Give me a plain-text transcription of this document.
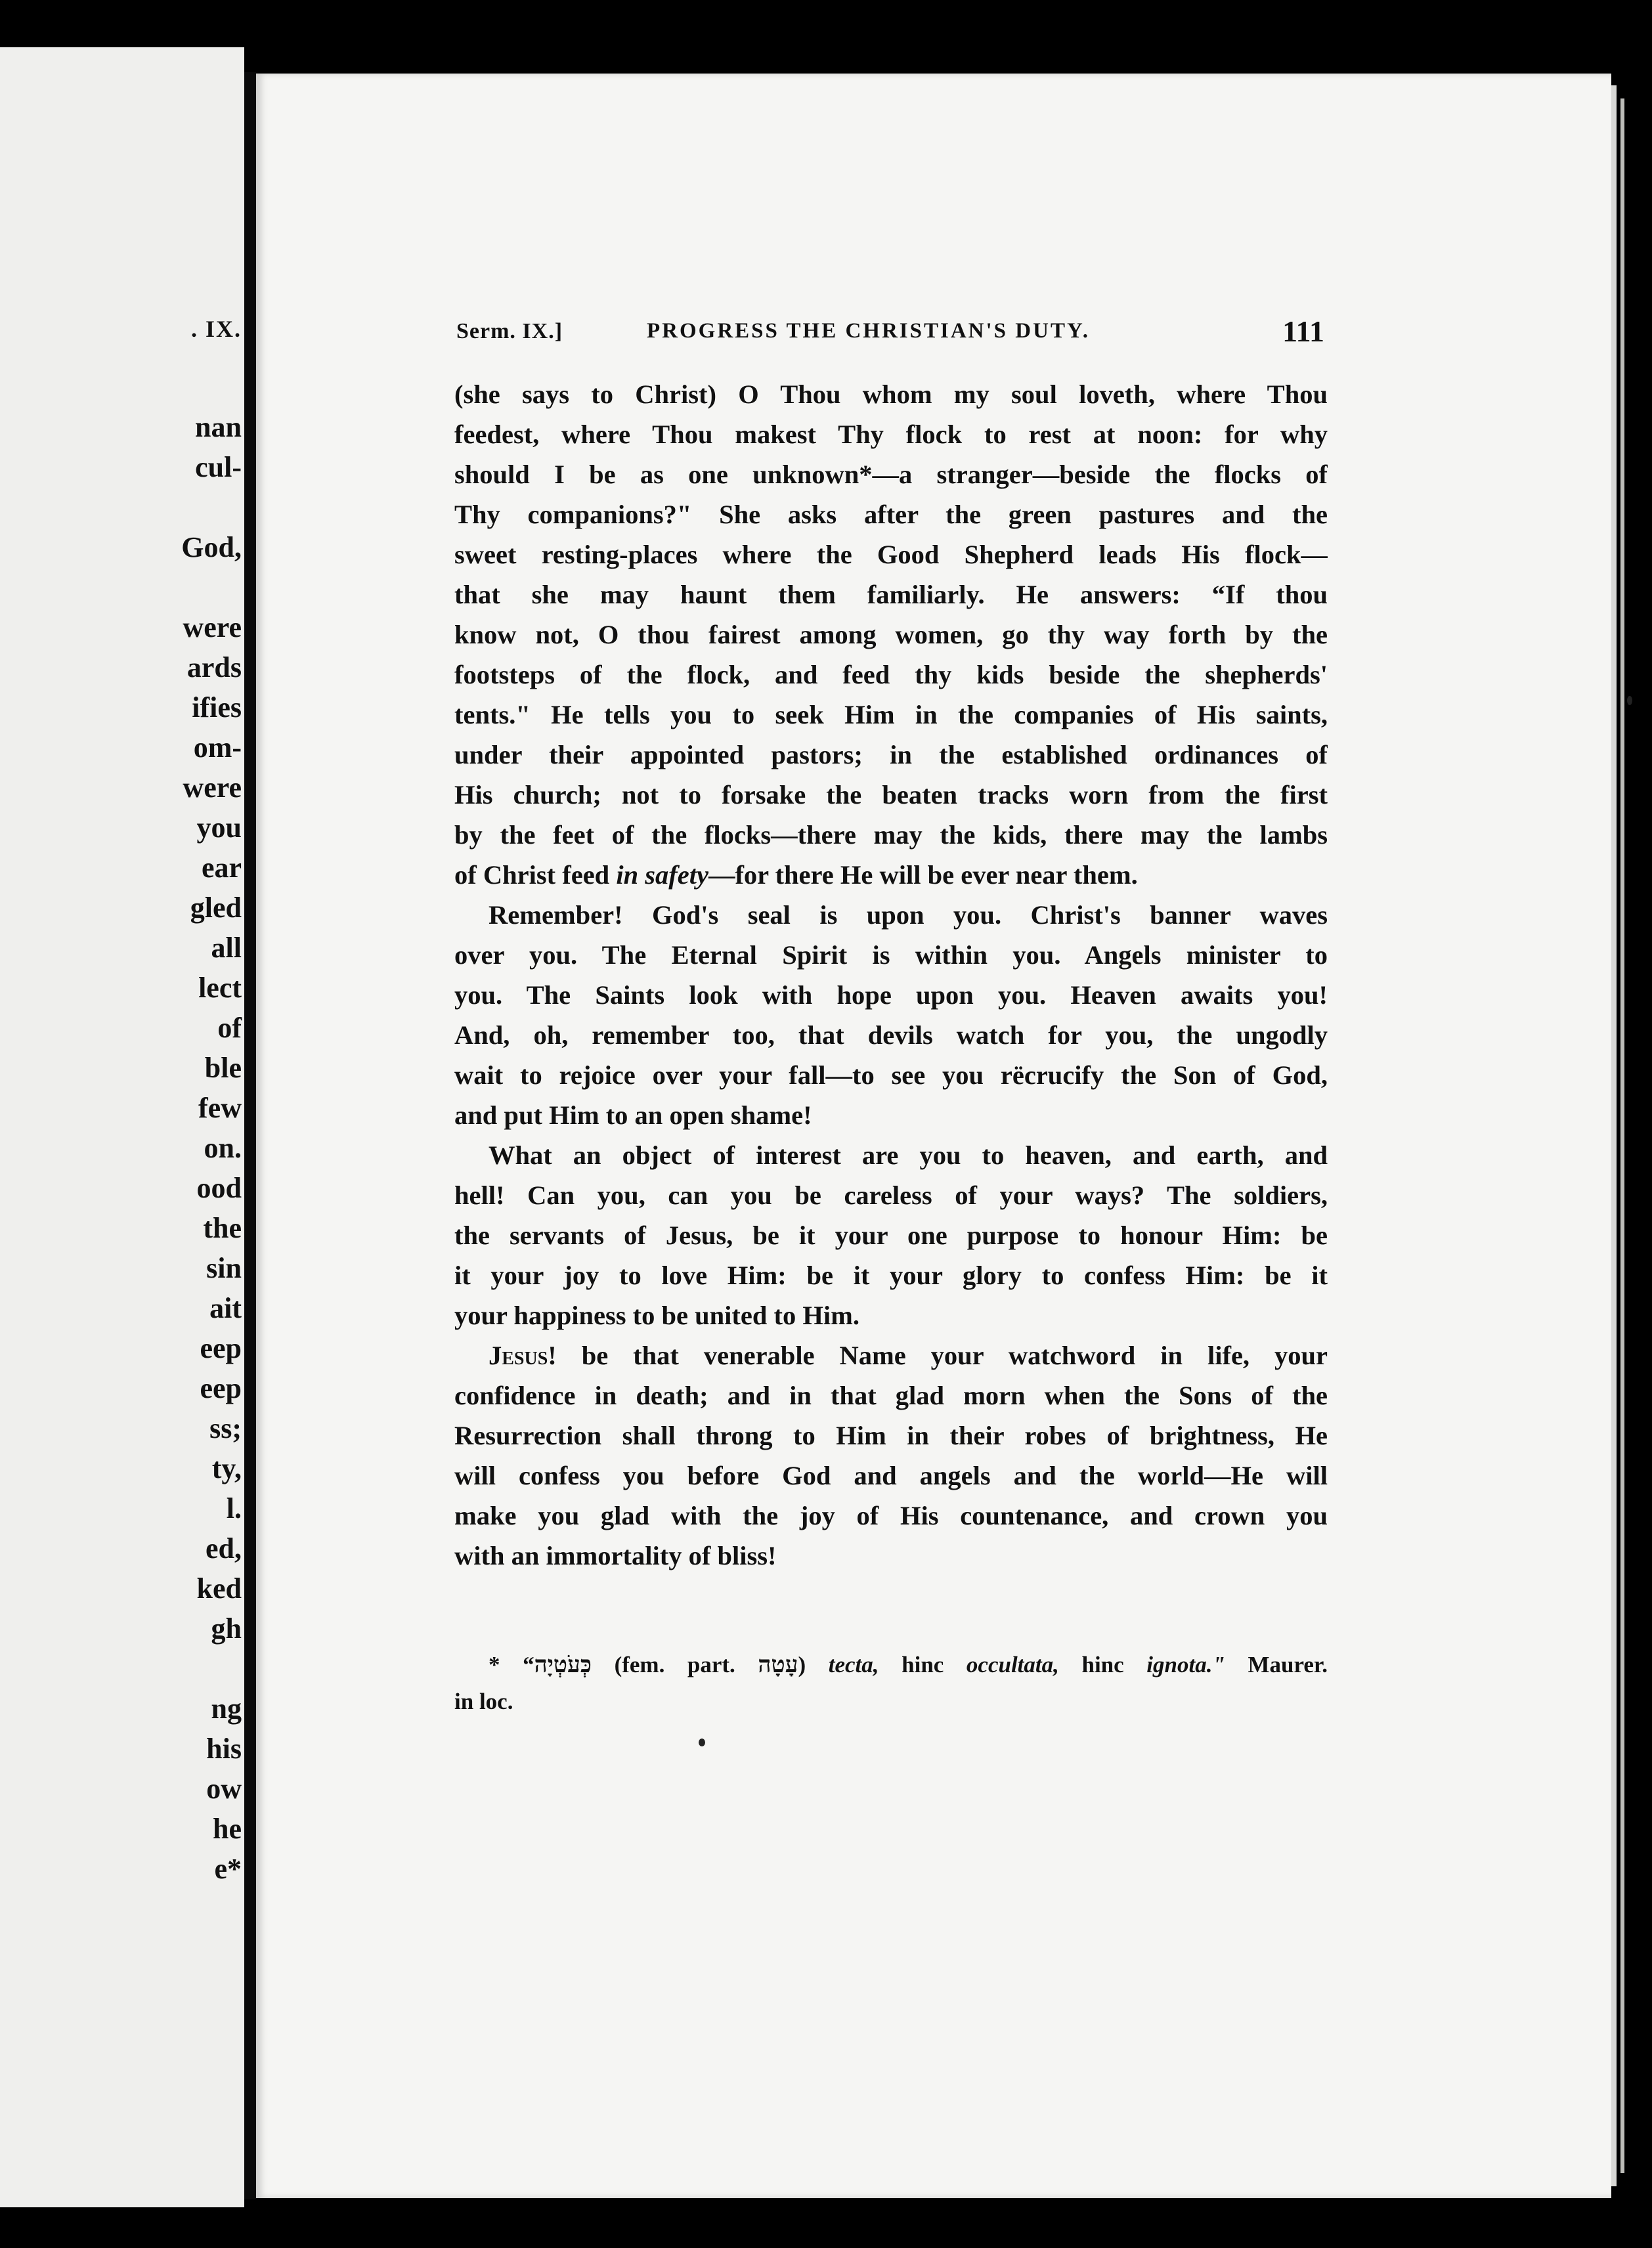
. IX.
nan
cul-

God,

were
ards
ifies
om-
were
you
ear
gled
all
lect
of
ble
few
on.
ood
the
sin
ait
eep
eep
ss;
ty,
l.
ed,
ked
gh

ng
his
ow
he
e*
Serm. IX.]	PROGRESS THE CHRISTIAN'S DUTY.	111
(she says to Christ) O Thou whom my soul loveth, where Thou
feedest, where Thou makest Thy flock to rest at noon: for why
should I be as one unknown*—a stranger—beside the flocks of
Thy companions?" She asks after the green pastures and the
sweet resting-places where the Good Shepherd leads His flock—
that she may haunt them familiarly. He answers: “If thou
know not, O thou fairest among women, go thy way forth by the
footsteps of the flock, and feed thy kids beside the shepherds'
tents." He tells you to seek Him in the companies of His saints,
under their appointed pastors; in the established ordinances of
His church; not to forsake the beaten tracks worn from the first
by the feet of the flocks—there may the kids, there may the lambs
of Christ feed in safety—for there He will be ever near them.
Remember! God's seal is upon you. Christ's banner waves
over you. The Eternal Spirit is within you. Angels minister to
you. The Saints look with hope upon you. Heaven awaits you!
And, oh, remember too, that devils watch for you, the ungodly
wait to rejoice over your fall—to see you rëcrucify the Son of God,
and put Him to an open shame!
What an object of interest are you to heaven, and earth, and
hell! Can you, can you be careless of your ways? The soldiers,
the servants of Jesus, be it your one purpose to honour Him: be
it your joy to love Him: be it your glory to confess Him: be it
your happiness to be united to Him.
Jesus! be that venerable Name your watchword in life, your
confidence in death; and in that glad morn when the Sons of the
Resurrection shall throng to Him in their robes of brightness, He
will confess you before God and angels and the world—He will
make you glad with the joy of His countenance, and crown you
with an immortality of bliss!
* “כְּעֹטְיָה (fem. part. עָטָה) tecta, hinc occultata, hinc ignota." Maurer.
in loc.
